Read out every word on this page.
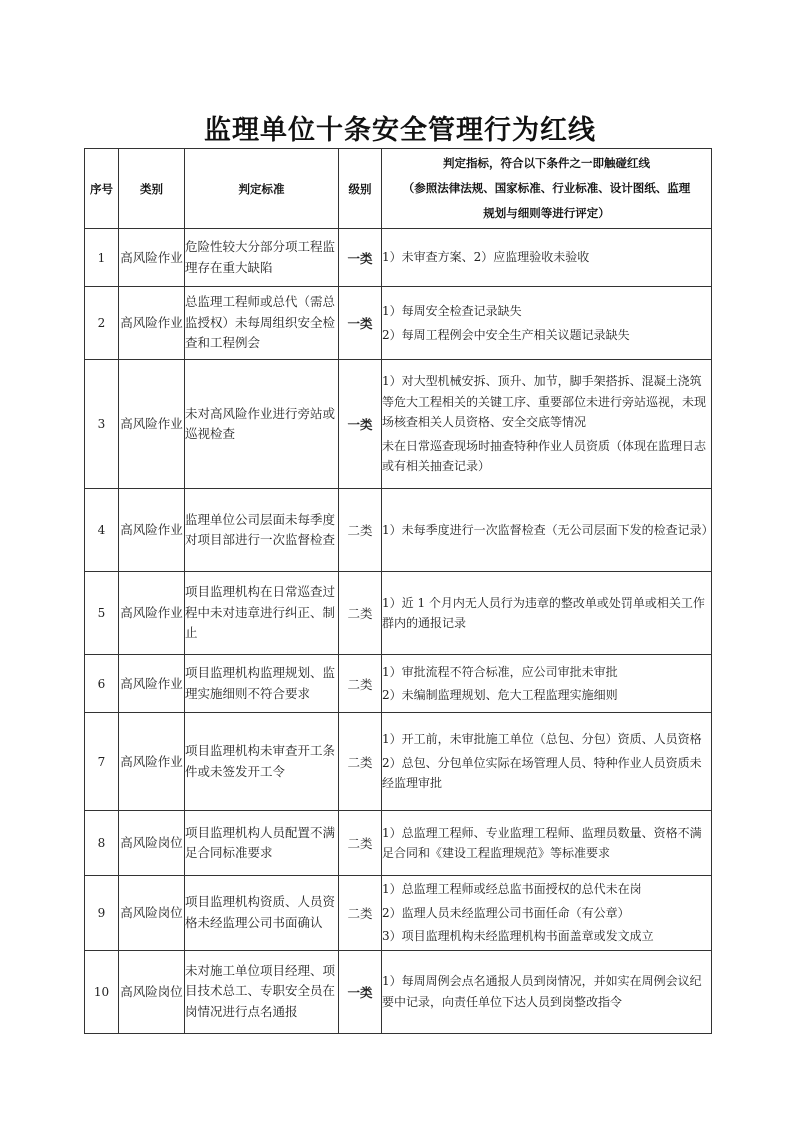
监理单位十条安全管理行为红线
序号	类别	判定标准	级别	判定指标，符合以下条件之一即触碰红线
（参照法律法规、国家标准、行业标准、设计图纸、监理
规划与细则等进行评定）

1	高风险作业	危险性较大分部分项工程监理存在重大缺陷	一类	1）未审查方案、2）应监理验收未验收

2	高风险作业	总监理工程师或总代（需总监授权）未每周组织安全检查和工程例会	一类	1）每周安全检查记录缺失
2）每周工程例会中安全生产相关议题记录缺失

3	高风险作业	未对高风险作业进行旁站或巡视检查	一类	1）对大型机械安拆、顶升、加节，脚手架搭拆、混凝土浇筑等危大工程相关的关键工序、重要部位未进行旁站巡视，未现场核查相关人员资格、安全交底等情况
未在日常巡查现场时抽查特种作业人员资质（体现在监理日志或有相关抽查记录）

4	高风险作业	监理单位公司层面未每季度对项目部进行一次监督检查	二类	1）未每季度进行一次监督检查（无公司层面下发的检查记录）

5	高风险作业	项目监理机构在日常巡查过程中未对违章进行纠正、制止	二类	1）近 1 个月内无人员行为违章的整改单或处罚单或相关工作群内的通报记录

6	高风险作业	项目监理机构监理规划、监理实施细则不符合要求	二类	1）审批流程不符合标准，应公司审批未审批
2）未编制监理规划、危大工程监理实施细则

7	高风险作业	项目监理机构未审查开工条件或未签发开工令	二类	1）开工前，未审批施工单位（总包、分包）资质、人员资格
2）总包、分包单位实际在场管理人员、特种作业人员资质未经监理审批

8	高风险岗位	项目监理机构人员配置不满足合同标准要求	二类	1）总监理工程师、专业监理工程师、监理员数量、资格不满足合同和《建设工程监理规范》等标准要求

9	高风险岗位	项目监理机构资质、人员资格未经监理公司书面确认	二类	1）总监理工程师或经总监书面授权的总代未在岗
2）监理人员未经监理公司书面任命（有公章）
3）项目监理机构未经监理机构书面盖章或发文成立

10	高风险岗位	未对施工单位项目经理、项目技术总工、专职安全员在岗情况进行点名通报	一类	1）每周周例会点名通报人员到岗情况，并如实在周例会议纪要中记录，向责任单位下达人员到岗整改指令
